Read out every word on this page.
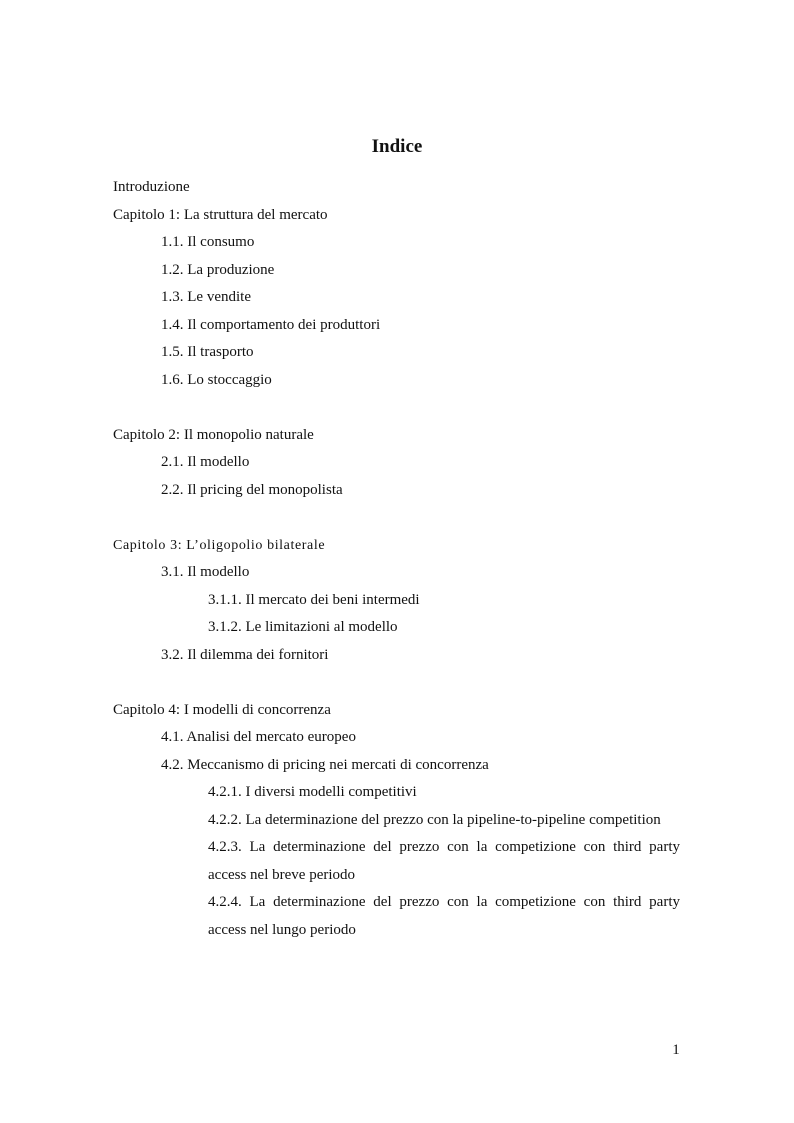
Indice
Introduzione
Capitolo 1: La struttura del mercato
1.1. Il consumo
1.2. La produzione
1.3. Le vendite
1.4. Il comportamento dei produttori
1.5. Il trasporto
1.6. Lo stoccaggio
Capitolo 2: Il monopolio naturale
2.1. Il modello
2.2. Il pricing del monopolista
Capitolo 3: L’oligopolio bilaterale
3.1. Il modello
3.1.1. Il mercato dei beni intermedi
3.1.2. Le limitazioni al modello
3.2. Il dilemma dei fornitori
Capitolo 4: I modelli di concorrenza
4.1. Analisi del mercato europeo
4.2. Meccanismo di pricing nei mercati di concorrenza
4.2.1. I diversi modelli competitivi
4.2.2. La determinazione del prezzo con la pipeline-to-pipeline competition
4.2.3. La determinazione del prezzo con la competizione con third party access nel breve periodo
4.2.4. La determinazione del prezzo con la competizione con third party access nel lungo periodo
1
